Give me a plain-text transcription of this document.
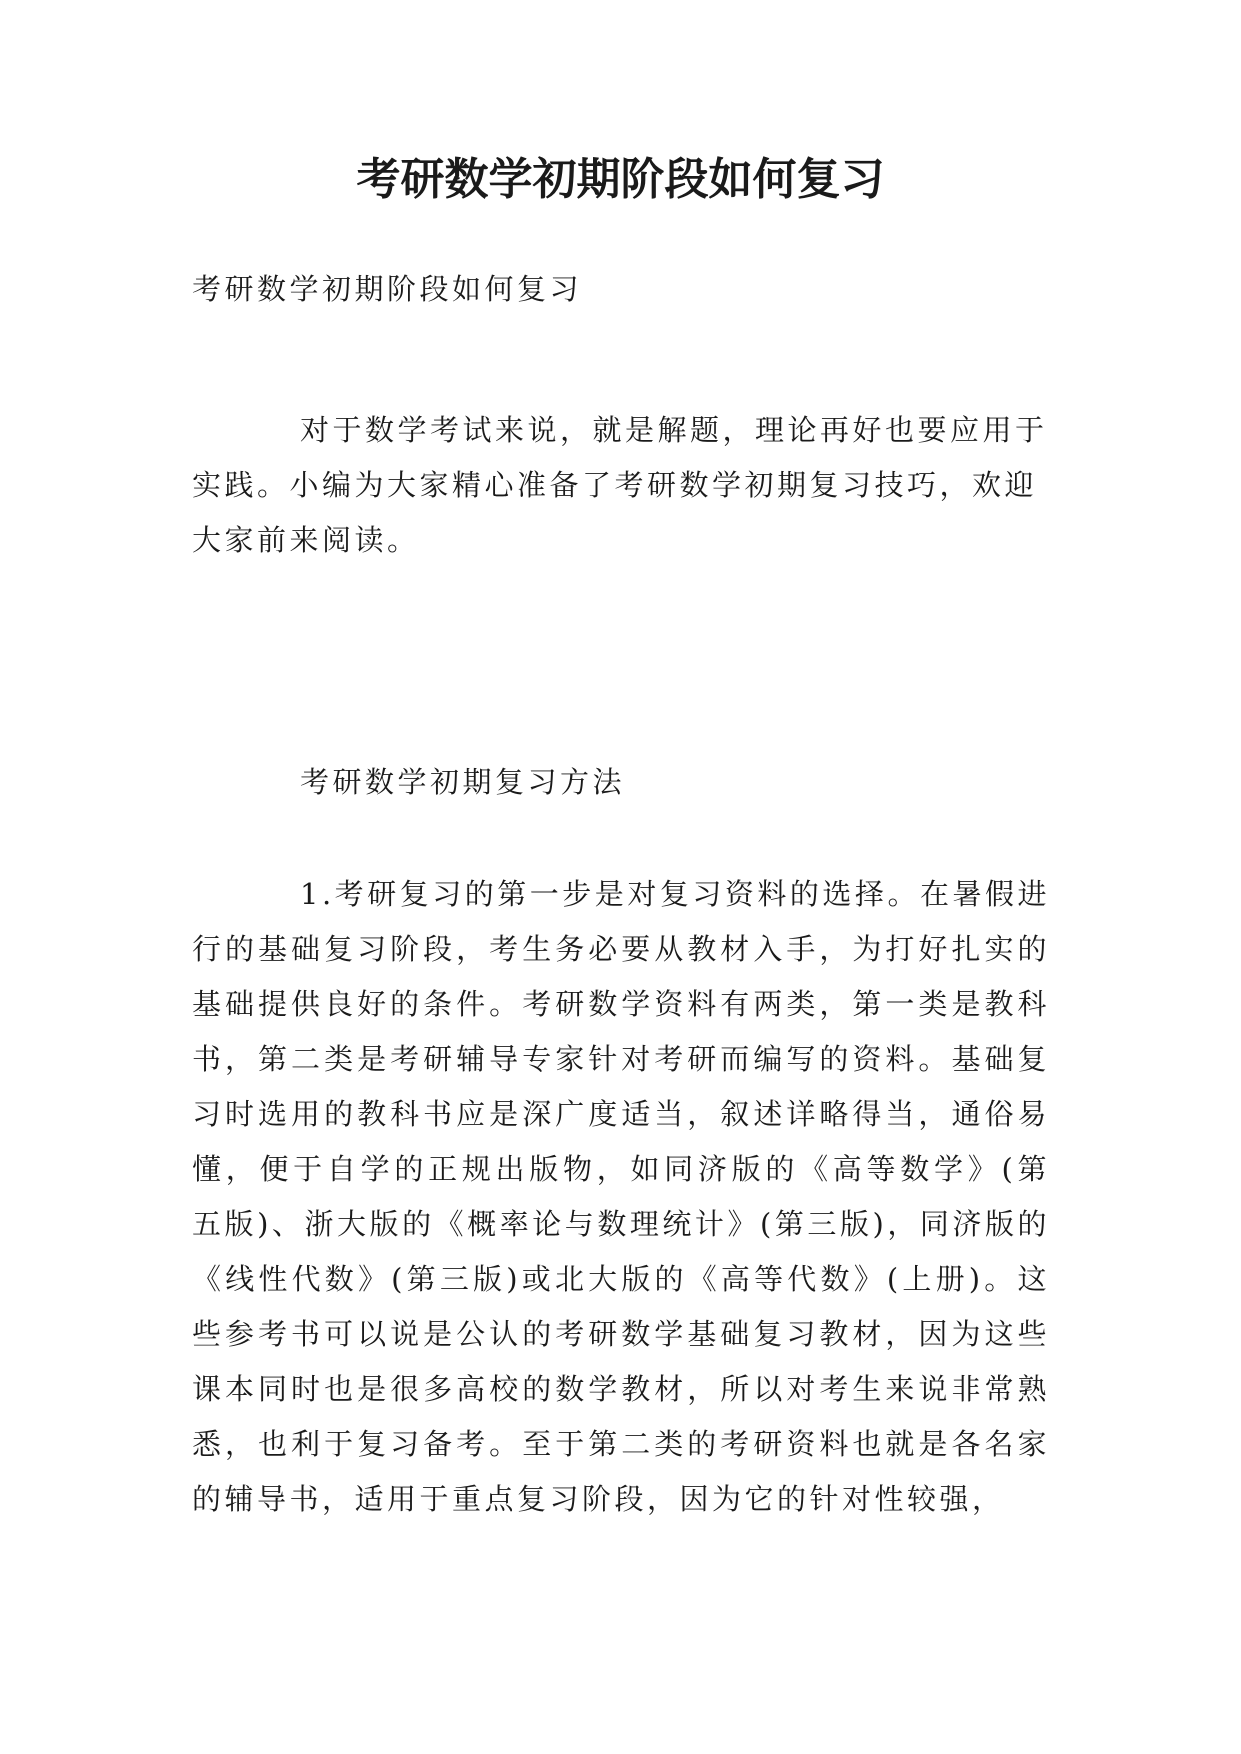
考研数学初期阶段如何复习

考研数学初期阶段如何复习

对于数学考试来说，就是解题，理论再好也要应用于实践。小编为大家精心准备了考研数学初期复习技巧，欢迎大家前来阅读。

考研数学初期复习方法

1.考研复习的第一步是对复习资料的选择。在暑假进行的基础复习阶段，考生务必要从教材入手，为打好扎实的基础提供良好的条件。考研数学资料有两类，第一类是教科书，第二类是考研辅导专家针对考研而编写的资料。基础复习时选用的教科书应是深广度适当，叙述详略得当，通俗易懂，便于自学的正规出版物，如同济版的《高等数学》(第五版)、浙大版的《概率论与数理统计》(第三版)，同济版的《线性代数》(第三版)或北大版的《高等代数》(上册)。这些参考书可以说是公认的考研数学基础复习教材，因为这些课本同时也是很多高校的数学教材，所以对考生来说非常熟悉，也利于复习备考。至于第二类的考研资料也就是各名家的辅导书，适用于重点复习阶段，因为它的针对性较强，
